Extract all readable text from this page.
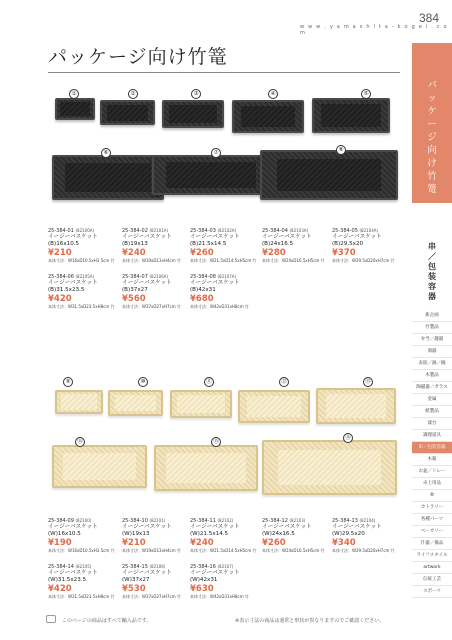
w w w . y a m a s h i t a - k o g e i . c o m
384
パッケージ向け竹篭
パッケージ向け竹篭
串／包装容器
新企画
竹製品
弁当／趣器
酒器
表皿／鉢／碗
木製品
陶磁器／ガラス
金属
紙製品
漆台
調理道具
串／包装容器
木箱
お盆／トレー
卓上用品
傘
カトラリー
各種パーツ
ベーカリー
什器／備品
ライフスタイル
artwork
伝統工芸
スポーツ
①	②	③	④	⑤
⑥	⑦	⑧
⑨	⑩	⑪	⑫	⑬
⑭	⑮
⑯
25-384-01 (82100A)
イージーバスケット
(B)16x10.5
¥210
本体寸法：W16xD10.5xH3.5cm 竹
25-384-02 (82101A)
イージーバスケット
(B)19x13
¥240
本体寸法：W19xD13xH4cm 竹
25-384-03 (82102A)
イージーバスケット
(B)21.5x14.5
¥260
本体寸法：W21.5xD14.5xH5cm 竹
25-384-04 (82103A)
イージーバスケット
(B)24x16.5
¥280
本体寸法：W24xD16.5xH5cm 竹
25-384-05 (82104A)
イージーバスケット
(B)29.5x20
¥370
本体寸法：W29.5xD20xH7cm 竹
25-384-06 (82105A)
イージーバスケット
(B)31.5x23.5
¥420
本体寸法：W31.5xD23.5xH8cm 竹
25-384-07 (82106A)
イージーバスケット
(B)37x27
¥560
本体寸法：W37xD27xH7cm 竹
25-384-08 (82107A)
イージーバスケット
(B)42x31
¥680
本体寸法：W42xD31xH8cm 竹
25-384-09 (82100)
イージーバスケット
(W)16x10.5
¥190
本体寸法：W16xD10.5xH3.5cm 竹
25-384-10 (82101)
イージーバスケット
(W)19x13
¥210
本体寸法：W19xD13xH4cm 竹
25-384-11 (82102)
イージーバスケット
(W)21.5x14.5
¥240
本体寸法：W21.5xD14.5xH5cm 竹
25-384-12 (82103)
イージーバスケット
(W)24x16.5
¥260
本体寸法：W24xD16.5xH5cm 竹
25-384-13 (82104)
イージーバスケット
(W)29.5x20
¥340
本体寸法：W29.5xD20xH7cm 竹
25-384-14 (82105)
イージーバスケット
(W)31.5x23.5
¥420
本体寸法：W31.5xD23.5xH8cm 竹
25-384-15 (82106)
イージーバスケット
(W)37x27
¥530
本体寸法：W37xD27xH7cm 竹
25-384-16 (82107)
イージーバスケット
(W)42x31
¥630
本体寸法：W42xD31xH8cm 竹
このページの商品はすべて輸入品です。	※表示寸法の商品は通常と形状が異なりますのでご確認ください。
